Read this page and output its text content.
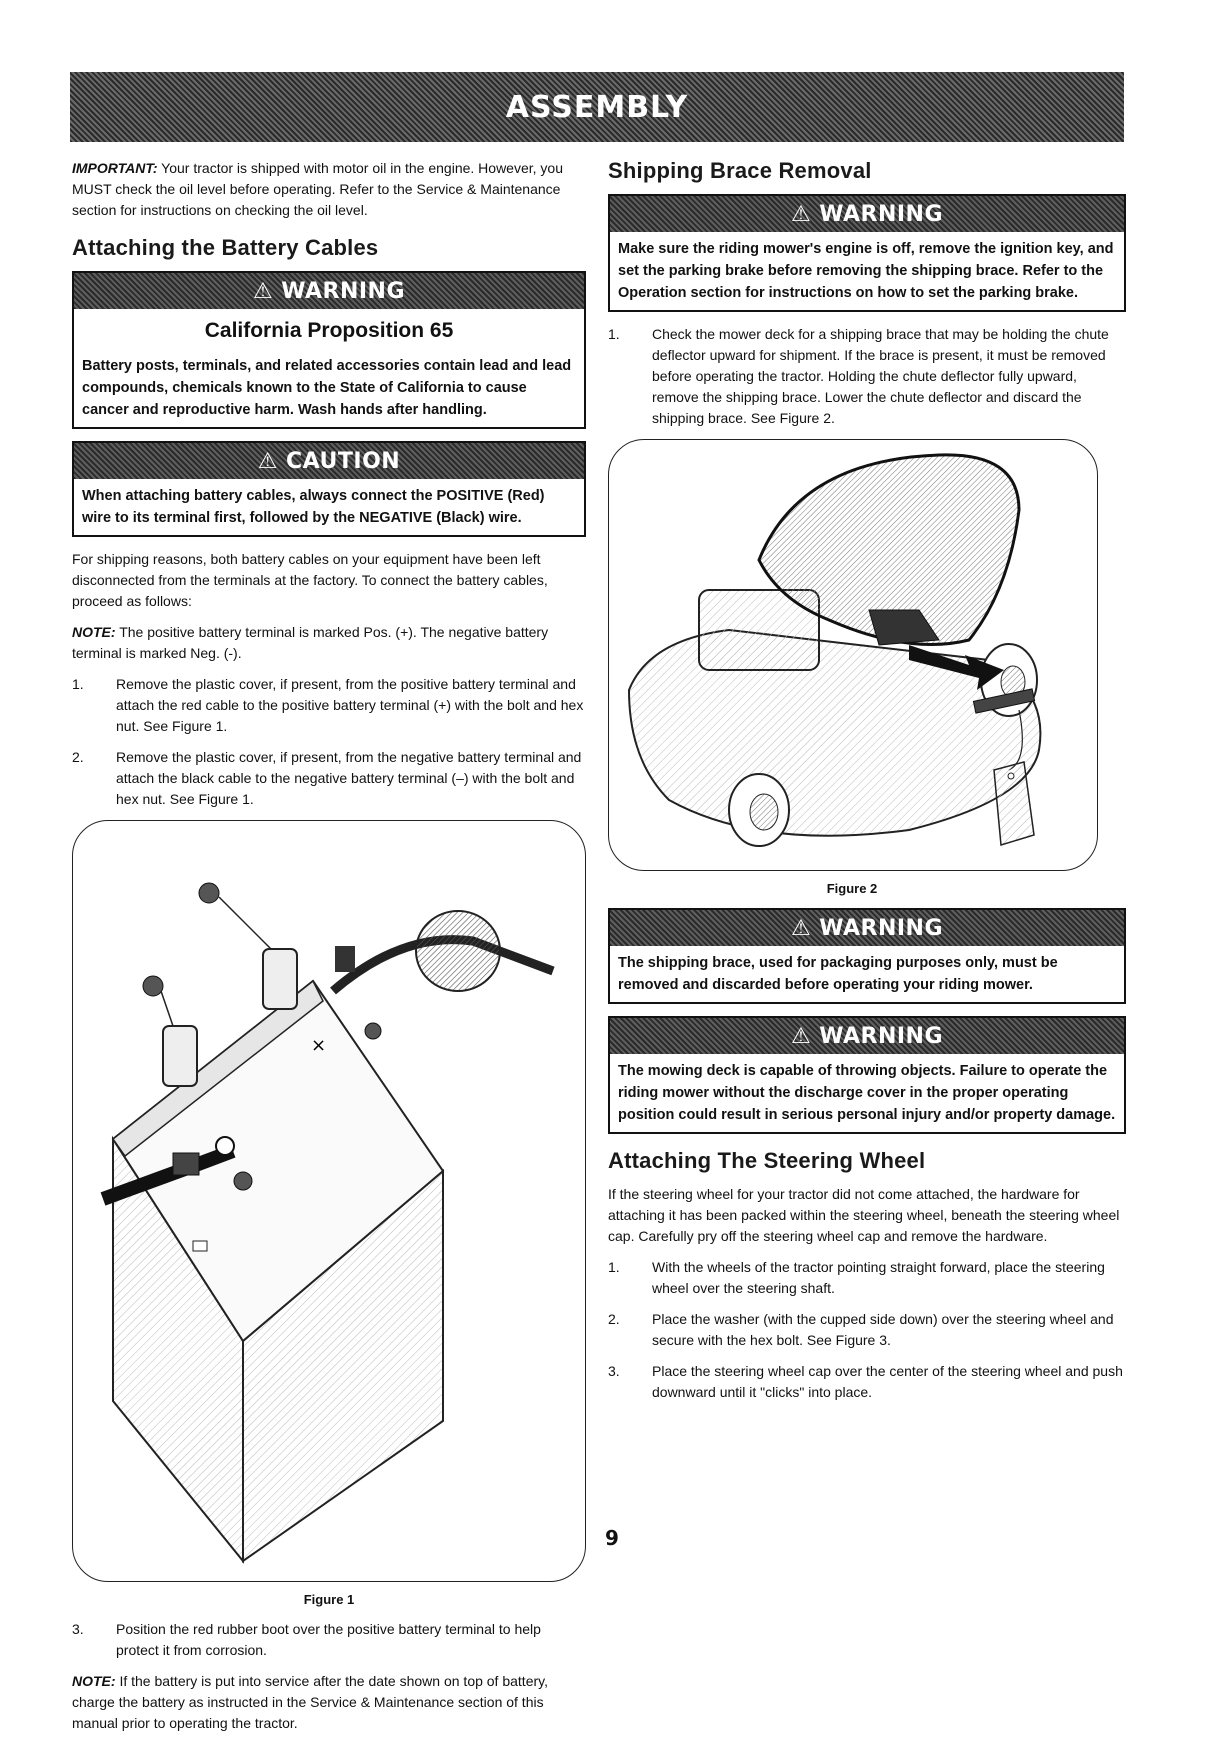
ASSEMBLY

IMPORTANT: Your tractor is shipped with motor oil in the engine. However, you MUST check the oil level before operating. Refer to the Service & Maintenance section for instructions on checking the oil level.

Attaching the Battery Cables
⚠ WARNING
California Proposition 65
Battery posts, terminals, and related accessories contain lead and lead compounds, chemicals known to the State of California to cause cancer and reproductive harm. Wash hands after handling.
⚠ CAUTION
When attaching battery cables, always connect the POSITIVE (Red) wire to its terminal first, followed by the NEGATIVE (Black) wire.

For shipping reasons, both battery cables on your equipment have been left disconnected from the terminals at the factory. To connect the battery cables, proceed as follows:

NOTE: The positive battery terminal is marked Pos. (+). The negative battery terminal is marked Neg. (-).

1.	Remove the plastic cover, if present, from the positive battery terminal and attach the red cable to the positive battery terminal (+) with the bolt and hex nut. See Figure 1.
2.	Remove the plastic cover, if present, from the negative battery terminal and attach the black cable to the negative battery terminal (–) with the bolt and hex nut. See Figure 1.
×
Figure 1
3.	Position the red rubber boot over the positive battery terminal to help protect it from corrosion.

NOTE: If the battery is put into service after the date shown on top of battery, charge the battery as instructed in the Service & Maintenance section of this manual prior to operating the tractor.

Shipping Brace Removal
⚠ WARNING
Make sure the riding mower's engine is off, remove the ignition key, and set the parking brake before removing the shipping brace. Refer to the Operation section for instructions on how to set the parking brake.
1.	Check the mower deck for a shipping brace that may be holding the chute deflector upward for shipment. If the brace is present, it must be removed before operating the tractor. Holding the chute deflector fully upward, remove the shipping brace. Lower the chute deflector and discard the shipping brace. See Figure 2.
Figure 2
⚠ WARNING
The shipping brace, used for packaging purposes only, must be removed and discarded before operating your riding mower.
⚠ WARNING
The mowing deck is capable of throwing objects. Failure to operate the riding mower without the discharge cover in the proper operating position could result in serious personal injury and/or property damage.
Attaching The Steering Wheel

If the steering wheel for your tractor did not come attached, the hardware for attaching it has been packed within the steering wheel, beneath the steering wheel cap. Carefully pry off the steering wheel cap and remove the hardware.

1.	With the wheels of the tractor pointing straight forward, place the steering wheel over the steering shaft.
2.	Place the washer (with the cupped side down) over the steering wheel and secure with the hex bolt. See Figure 3.
3.	Place the steering wheel cap over the center of the steering wheel and push downward until it "clicks" into place.
9
